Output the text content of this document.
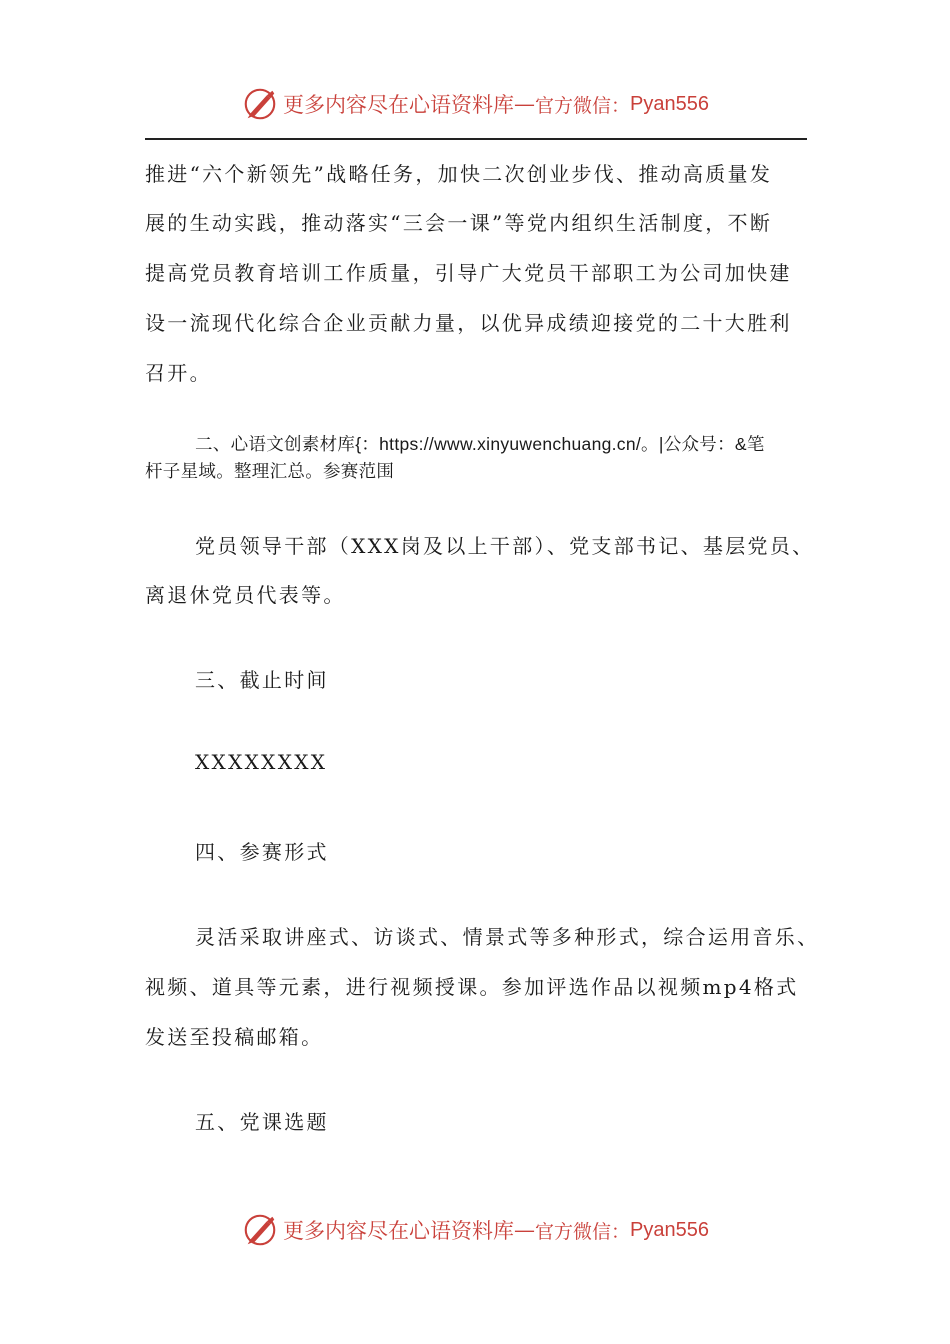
更多内容尽在心语资料库 — 官方微信： Pyan556
推进“六个新领先”战略任务，加快二次创业步伐、推动高质量发
展的生动实践，推动落实“三会一课”等党内组织生活制度，不断
提高党员教育培训工作质量，引导广大党员干部职工为公司加快建
设一流现代化综合企业贡献力量，以优异成绩迎接党的二十大胜利
召开。
二、心语文创素材库{：https://www.xinyuwenchuang.cn/。|公众号：&笔
杆子星域。整理汇总。参赛范围
党员领导干部（XXX岗及以上干部）、党支部书记、基层党员、
离退休党员代表等。
三、截止时间
XXXXXXXX
四、参赛形式
灵活采取讲座式、访谈式、情景式等多种形式，综合运用音乐、
视频、道具等元素，进行视频授课。参加评选作品以视频mp4格式
发送至投稿邮箱。
五、党课选题
更多内容尽在心语资料库 — 官方微信： Pyan556
